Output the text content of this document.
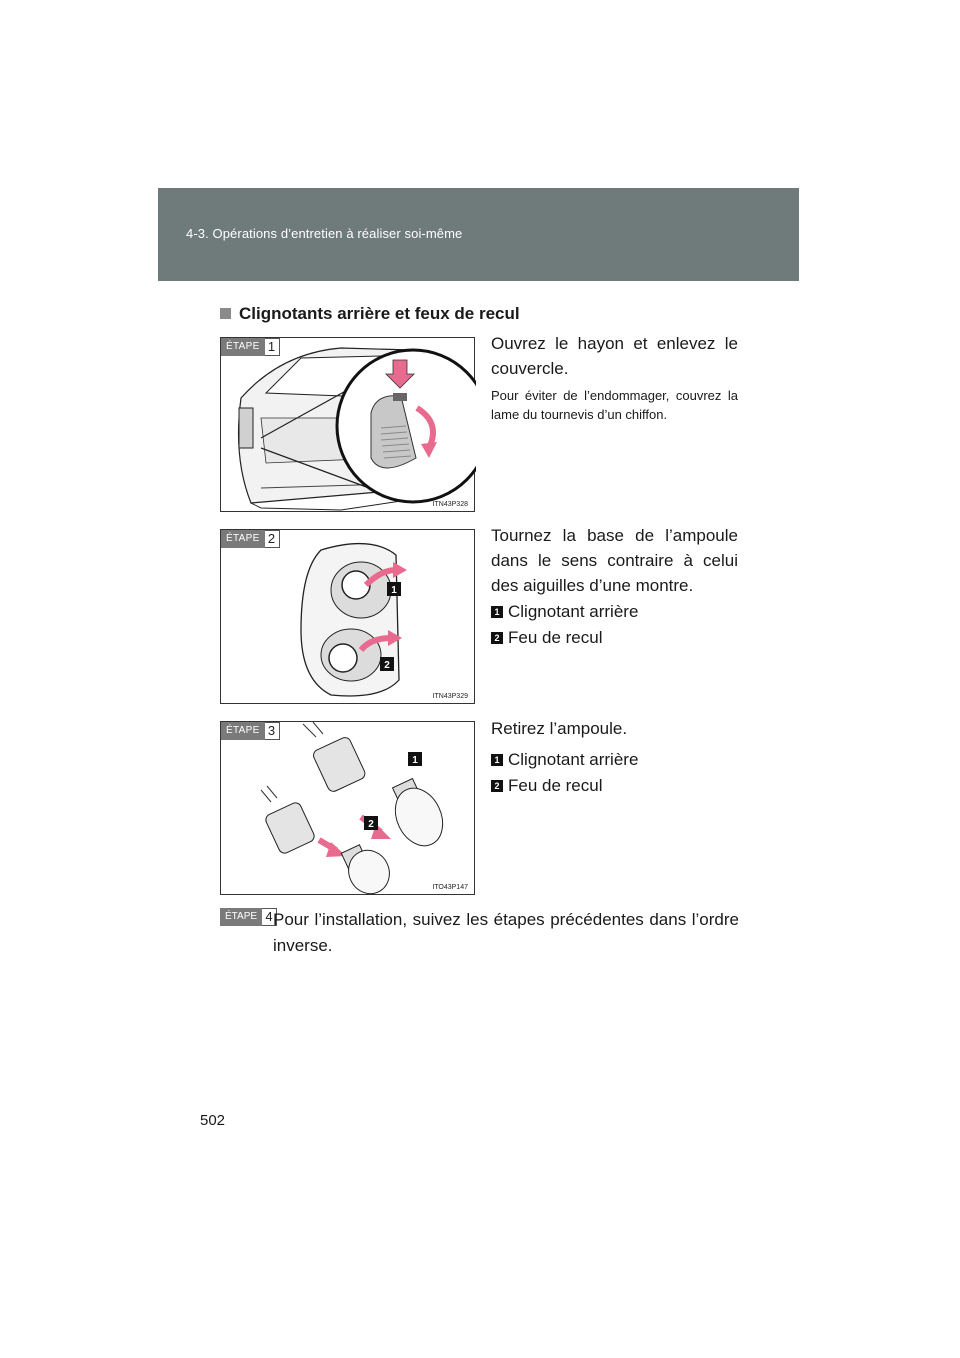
4-3. Opérations d’entretien à réaliser soi-même
Clignotants arrière et feux de recul
ÉTAPE 1
ITN43P328
Ouvrez le hayon et enlevez le couvercle.
Pour éviter de l’endommager, couvrez la lame du tournevis d’un chiffon.
1
2
ÉTAPE 2
ITN43P329
Tournez la base de l’ampoule dans le sens contraire à celui des aiguilles d’une montre.
1 Clignotant arrière
2 Feu de recul
1
2
ÉTAPE 3
ITO43P147
Retirez l’ampoule.
1 Clignotant arrière
2 Feu de recul
ÉTAPE 4 Pour l’installation, suivez les étapes précédentes dans l’ordre inverse.
502
